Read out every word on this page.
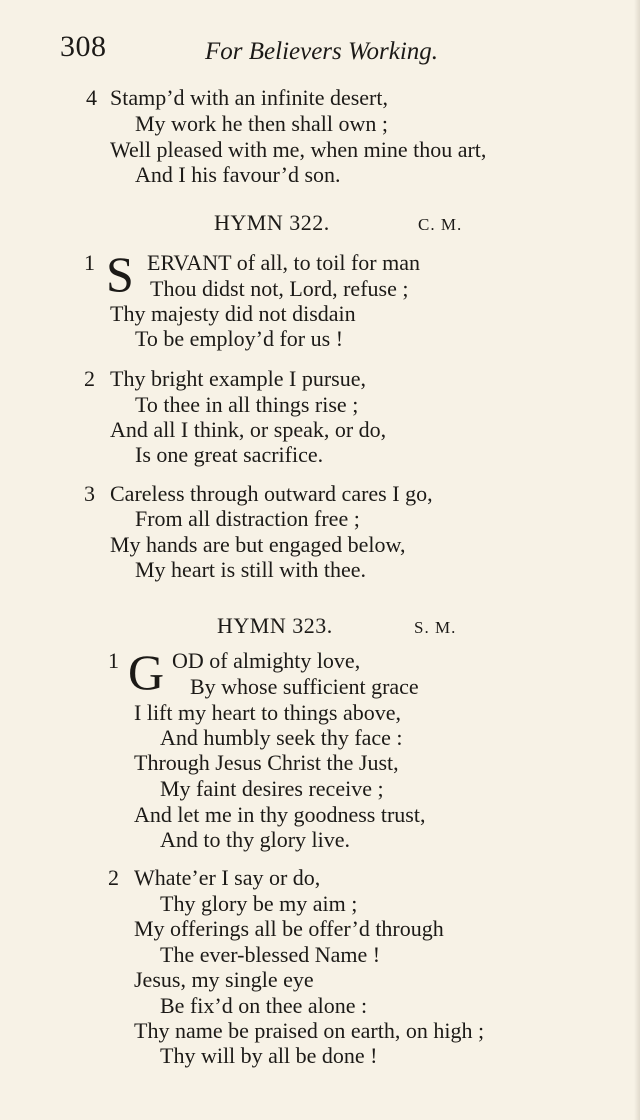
308	For Believers Working.
4 Stamp’d with an infinite desert,
My work he then shall own ;
Well pleased with me, when mine thou art,
And I his favour’d son.
HYMN 322.	C. M.
1 S ERVANT of all, to toil for man
Thou didst not, Lord, refuse ;
Thy majesty did not disdain
To be employ’d for us !
2 Thy bright example I pursue,
To thee in all things rise ;
And all I think, or speak, or do,
Is one great sacrifice.
3 Careless through outward cares I go,
From all distraction free ;
My hands are but engaged below,
My heart is still with thee.
HYMN 323.	S. M.
1 G OD of almighty love,
By whose sufficient grace
I lift my heart to things above,
And humbly seek thy face :
Through Jesus Christ the Just,
My faint desires receive ;
And let me in thy goodness trust,
And to thy glory live.
2 Whate’er I say or do,
Thy glory be my aim ;
My offerings all be offer’d through
The ever-blessed Name !
Jesus, my single eye
Be fix’d on thee alone :
Thy name be praised on earth, on high ;
Thy will by all be done !
